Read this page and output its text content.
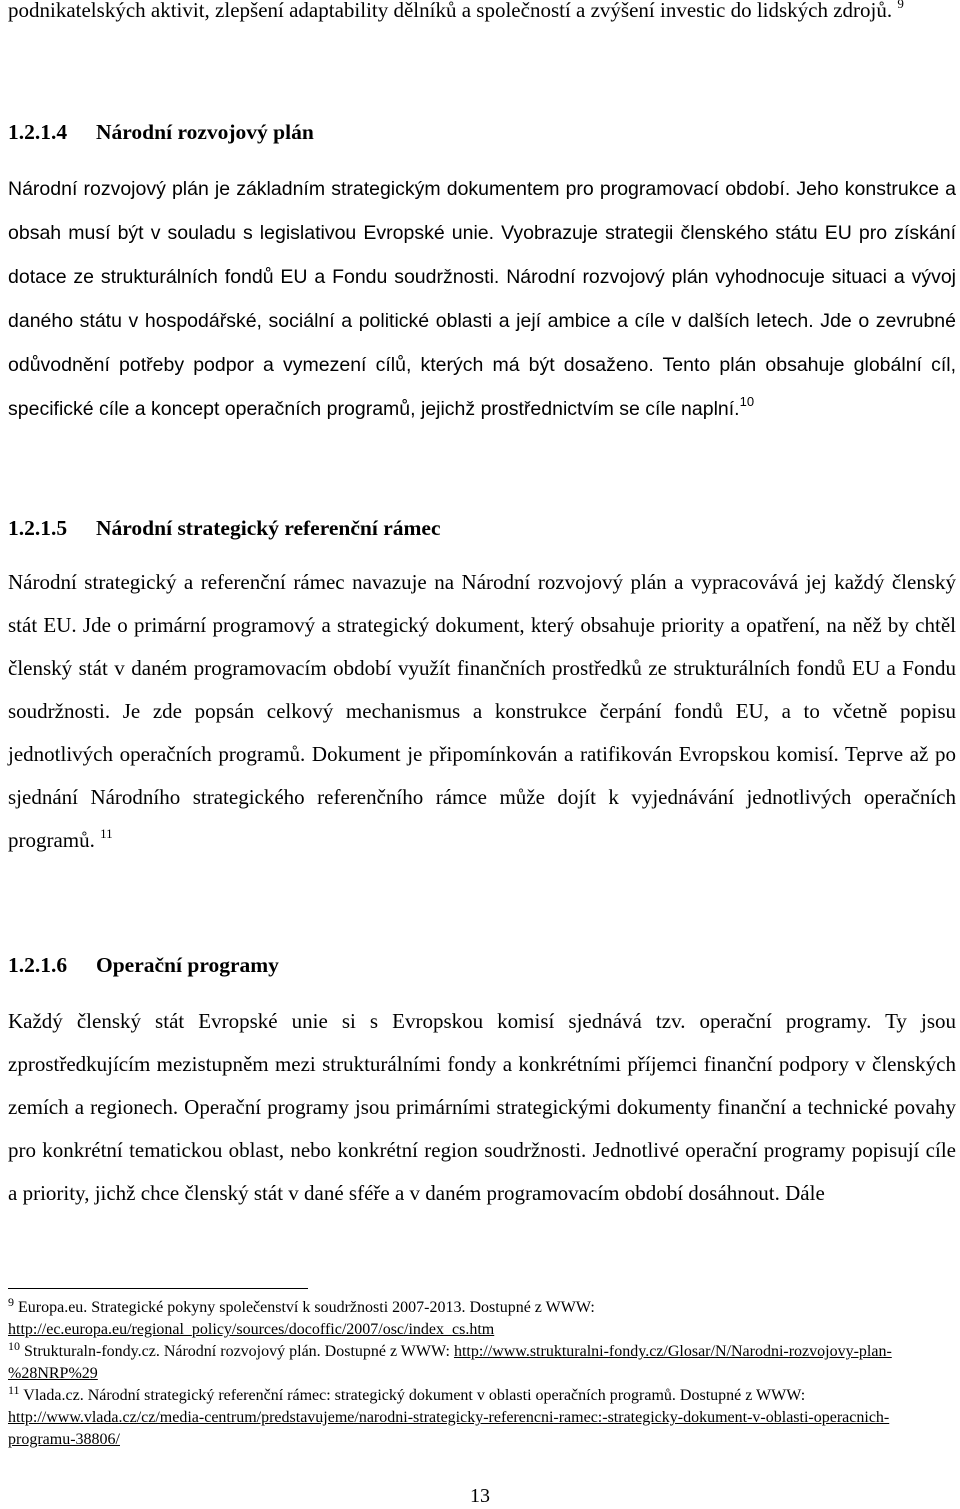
podnikatelských aktivit, zlepšení adaptability dělníků a společností a zvýšení investic do lidských zdrojů. $^9$

1.2.1.4 Národní rozvojový plán

Národní rozvojový plán je základním strategickým dokumentem pro programovací období. Jeho konstrukce a obsah musí být v souladu s legislativou Evropské unie. Vyobrazuje strategii členského státu EU pro získání dotace ze strukturálních fondů EU a Fondu soudržnosti. Národní rozvojový plán vyhodnocuje situaci a vývoj daného státu v hospodářské, sociální a politické oblasti a její ambice a cíle v dalších letech. Jde o zevrubné odůvodnění potřeby podpor a vymezení cílů, kterých má být dosaženo. Tento plán obsahuje globální cíl, specifické cíle a koncept operačních programů, jejichž prostřednictvím se cíle naplní.$^{10}$

1.2.1.5 Národní strategický referenční rámec

Národní strategický a referenční rámec navazuje na Národní rozvojový plán a vypracovává jej každý členský stát EU. Jde o primární programový a strategický dokument, který obsahuje priority a opatření, na něž by chtěl členský stát v daném programovacím období využít finančních prostředků ze strukturálních fondů EU a Fondu soudržnosti. Je zde popsán celkový mechanismus a konstrukce čerpání fondů EU, a to včetně popisu jednotlivých operačních programů. Dokument je připomínkován a ratifikován Evropskou komisí. Teprve až po sjednání Národního strategického referenčního rámce může dojít k vyjednávání jednotlivých operačních programů. $^{11}$

1.2.1.6 Operační programy

Každý členský stát Evropské unie si s Evropskou komisí sjednává tzv. operační programy. Ty jsou zprostředkujícím mezistupněm mezi strukturálními fondy a konkrétními příjemci finanční podpory v členských zemích a regionech. Operační programy jsou primárními strategickými dokumenty finanční a technické povahy pro konkrétní tematickou oblast, nebo konkrétní region soudržnosti. Jednotlivé operační programy popisují cíle a priority, jichž chce členský stát v dané sféře a v daném programovacím období dosáhnout. Dále

$^9$ Europa.eu. Strategické pokyny společenství k soudržnosti 2007-2013. Dostupné z WWW:
http://ec.europa.eu/regional_policy/sources/docoffic/2007/osc/index_cs.htm

$^{10}$ Strukturaln-fondy.cz. Národní rozvojový plán. Dostupné z WWW: http://www.strukturalni-fondy.cz/Glosar/N/Narodni-rozvojovy-plan-%28NRP%29

$^{11}$ Vlada.cz. Národní strategický referenční rámec: strategický dokument v oblasti operačních programů. Dostupné z WWW: http://www.vlada.cz/cz/media-centrum/predstavujeme/narodni-strategicky-referencni-ramec:-strategicky-dokument-v-oblasti-operacnich-programu-38806/

13
